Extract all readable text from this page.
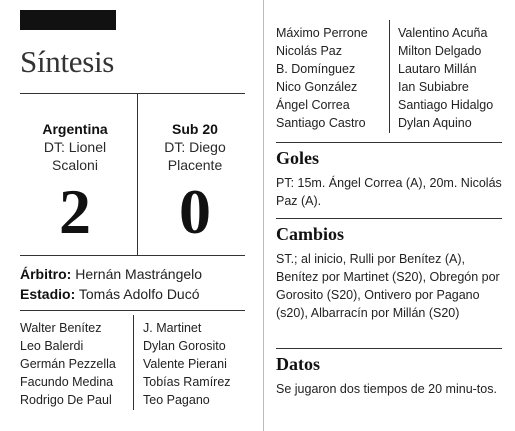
Síntesis
Argentina
DT: Lionel Scaloni
2
Sub 20
DT: Diego Placente
0
Árbitro: Hernán Mastrángelo
Estadio: Tomás Adolfo Ducó
Walter Benítez
Leo Balerdi
Germán Pezzella
Facundo Medina
Rodrigo De Paul
J. Martinet
Dylan Gorosito
Valente Pierani
Tobías Ramírez
Teo Pagano
Máximo Perrone
Nicolás Paz
B. Domínguez
Nico González
Ángel Correa
Santiago Castro
Valentino Acuña
Milton Delgado
Lautaro Millán
Ian Subiabre
Santiago Hidalgo
Dylan Aquino
Goles
PT: 15m. Ángel Correa (A), 20m. Nicolás Paz (A).
Cambios
ST.; al inicio, Rulli por Benítez (A), Benítez por Martinet (S20), Obregón por Gorosito (S20), Ontivero por Pagano (s20), Albarracín por Millán (S20)
Datos
Se jugaron dos tiempos de 20 minu-tos.
